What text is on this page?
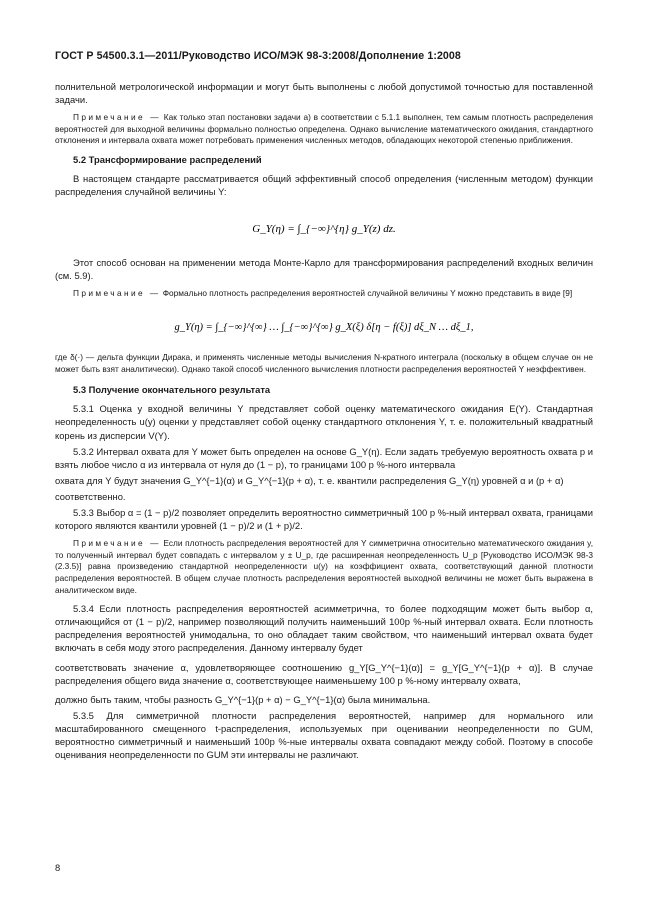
ГОСТ Р 54500.3.1—2011/Руководство ИСО/МЭК 98-3:2008/Дополнение 1:2008

полнительной метрологической информации и могут быть выполнены с любой допустимой точностью для поставленной задачи.

Примечание — Как только этап постановки задачи а) в соответствии с 5.1.1 выполнен, тем самым плотность распределения вероятностей для выходной величины формально полностью определена. Однако вычисление математического ожидания, стандартного отклонения и интервала охвата может потребовать применения численных методов, обладающих некоторой степенью приближения.

5.2 Трансформирование распределений

В настоящем стандарте рассматривается общий эффективный способ определения (численным методом) функции распределения случайной величины Y:

G_Y(η) = ∫_{−∞}^{η} g_Y(z) dz.

Этот способ основан на применении метода Монте-Карло для трансформирования распределений входных величин (см. 5.9).

Примечание — Формально плотность распределения вероятностей случайной величины Y можно представить в виде [9]

g_Y(η) = ∫_{−∞}^{∞} … ∫_{−∞}^{∞} g_X(ξ) δ[η − f(ξ)] dξ_N … dξ_1,

где δ(·) — дельта функции Дирака, и применять численные методы вычисления N-кратного интеграла (поскольку в общем случае он не может быть взят аналитически). Однако такой способ численного вычисления плотности распределения вероятностей Y неэффективен.

5.3 Получение окончательного результата

5.3.1 Оценка y входной величины Y представляет собой оценку математического ожидания E(Y). Стандартная неопределенность u(y) оценки y представляет собой оценку стандартного отклонения Y, т. е. положительный квадратный корень из дисперсии V(Y).

5.3.2 Интервал охвата для Y может быть определен на основе G_Y(η). Если задать требуемую вероятность охвата p и взять любое число α из интервала от нуля до (1 − p), то границами 100 p %-ного интервала

охвата для Y будут значения G_Y^{−1}(α) и G_Y^{−1}(p + α), т. е. квантили распределения G_Y(η) уровней α и (p + α)

соответственно.

5.3.3 Выбор α = (1 − p)/2 позволяет определить вероятностно симметричный 100 p %-ный интервал охвата, границами которого являются квантили уровней (1 − p)/2 и (1 + p)/2.

Примечание — Если плотность распределения вероятностей для Y симметрична относительно математического ожидания y, то полученный интервал будет совпадать с интервалом y ± U_p, где расширенная неопределенность U_p [Руководство ИСО/МЭК 98-3 (2.3.5)] равна произведению стандартной неопределенности u(y) на коэффициент охвата, соответствующий данной плотности распределения вероятностей. В общем случае плотность распределения вероятностей выходной величины не может быть выражена в аналитическом виде.

5.3.4 Если плотность распределения вероятностей асимметрична, то более подходящим может быть выбор α, отличающийся от (1 − p)/2, например позволяющий получить наименьший 100p %-ный интервал охвата. Если плотность распределения вероятностей унимодальна, то оно обладает таким свойством, что наименьший интервал охвата будет включать в себя моду этого распределения. Данному интервалу будет

соответствовать значение α, удовлетворяющее соотношению g_Y[G_Y^{−1}(α)] = g_Y[G_Y^{−1}(p + α)]. В случае распределения общего вида значение α, соответствующее наименьшему 100 p %-ному интервалу охвата,

должно быть таким, чтобы разность G_Y^{−1}(p + α) − G_Y^{−1}(α) была минимальна.

5.3.5 Для симметричной плотности распределения вероятностей, например для нормального или масштабированного смещенного t-распределения, используемых при оценивании неопределенности по GUM, вероятностно симметричный и наименьший 100p %-ные интервалы охвата совпадают между собой. Поэтому в способе оценивания неопределенности по GUM эти интервалы не различают.

8
